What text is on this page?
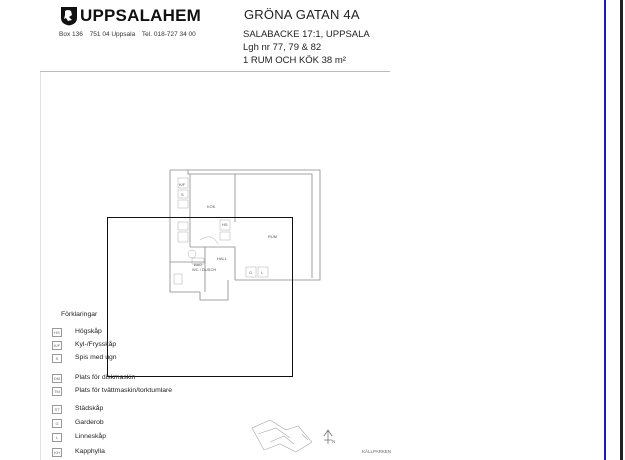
UPPSALAHEM
Box 136 751 04 Uppsala Tel. 018-727 34 00
GRÖNA GATAN 4A
SALABACKE 17:1, UPPSALA
Lgh nr 77, 79 & 82
1 RUM OCH KÖK 38 m²
KÖK
RUM
HALL
BAD
WC / DUSCH
K/F
S
HS
G L
Förklaringar
HS	Högskåp
K/F Kyl-/Frysskåp
S	Spis med ugn
DM Plats för diskmaskin
TM	Plats för tvättmaskin/torktumlare
ST	Städskåp
G	Garderob
L	Linneskåp
KH	Kapphylla
N
KÄLLPARKEN
